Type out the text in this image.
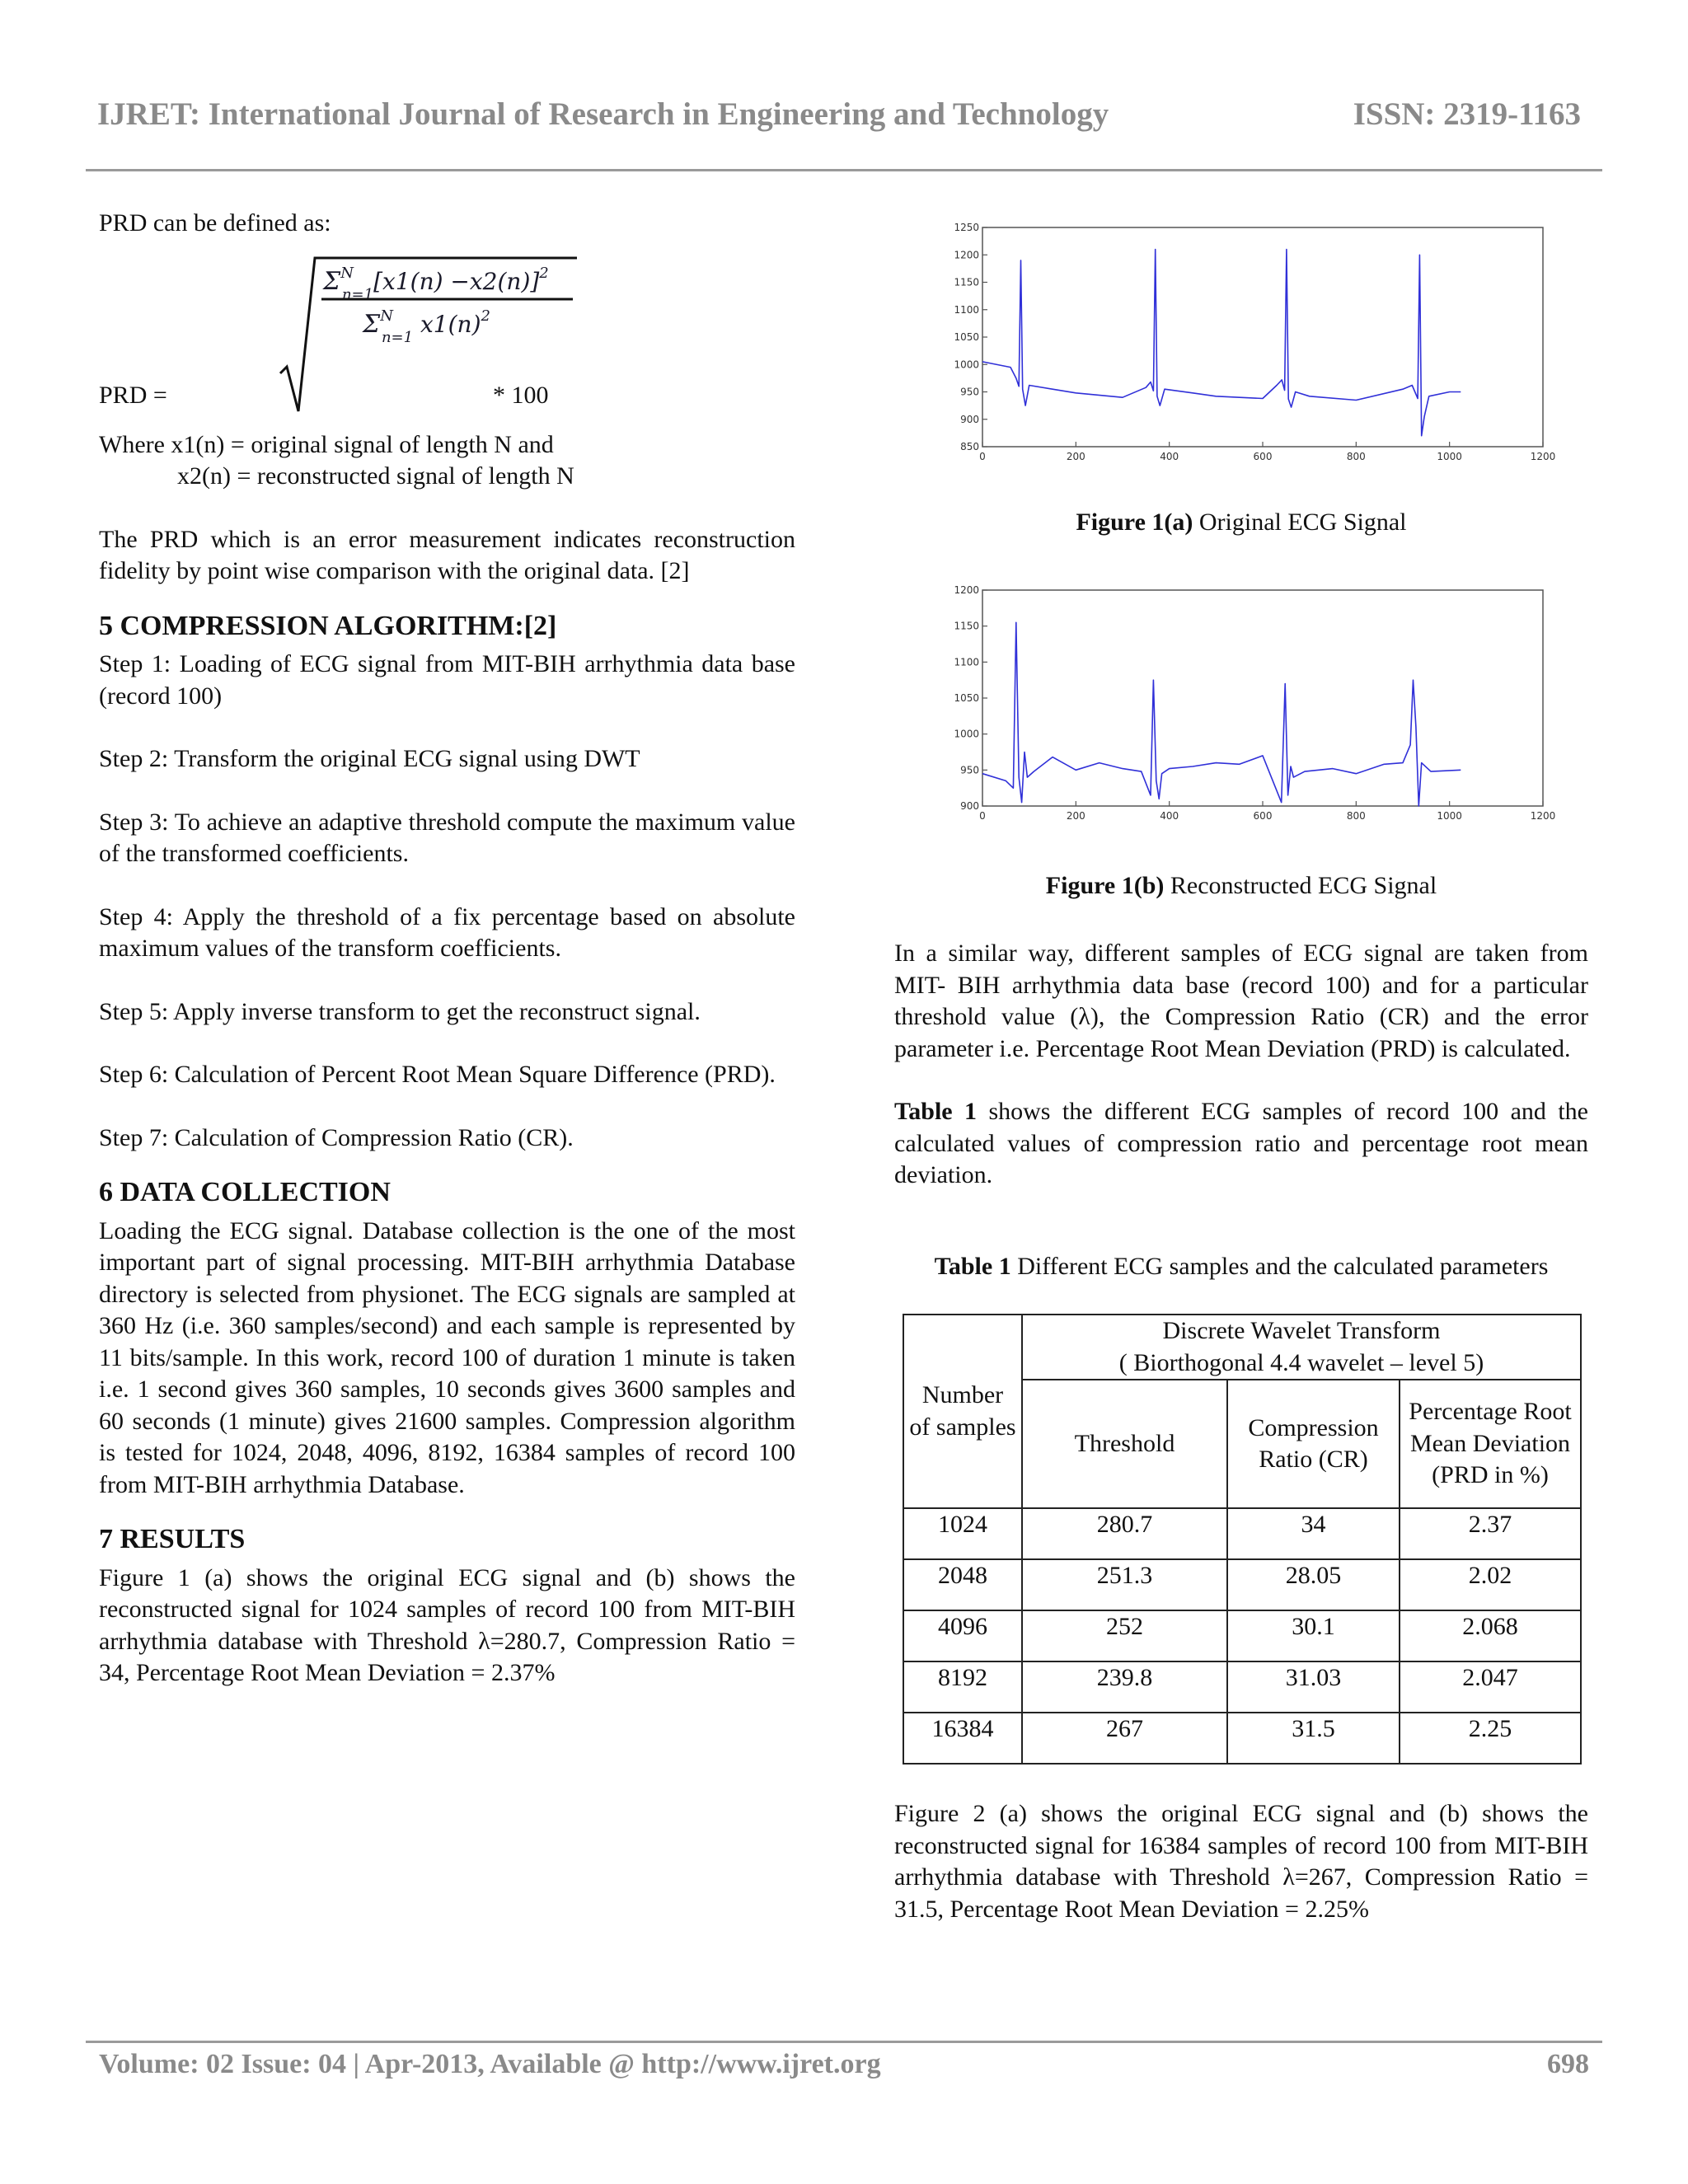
IJRET: International Journal of Research in Engineering and Technology	ISSN: 2319-1163

PRD can be defined as:

PRD =
$\Sigma^N$ $n=1[x1(n) -x2(n)]^2$
$\Sigma^N$ n=1 $x1(n)^2$
* 100

Where x1(n) = original signal of length N and

x2(n) = reconstructed signal of length N

The PRD which is an error measurement indicates reconstruction fidelity by point wise comparison with the original data. [2]

5 COMPRESSION ALGORITHM:[2]

Step 1: Loading of ECG signal from MIT-BIH arrhythmia data base (record 100)

Step 2: Transform the original ECG signal using DWT

Step 3: To achieve an adaptive threshold compute the maximum value of the transformed coefficients.

Step 4: Apply the threshold of a fix percentage based on absolute maximum values of the transform coefficients.

Step 5: Apply inverse transform to get the reconstruct signal.

Step 6: Calculation of Percent Root Mean Square Difference (PRD).

Step 7: Calculation of Compression Ratio (CR).

6 DATA COLLECTION

Loading the ECG signal. Database collection is the one of the most important part of signal processing. MIT-BIH arrhythmia Database directory is selected from physionet. The ECG signals are sampled at 360 Hz (i.e. 360 samples/second) and each sample is represented by 11 bits/sample. In this work, record 100 of duration 1 minute is taken i.e. 1 second gives 360 samples, 10 seconds gives 3600 samples and 60 seconds (1 minute) gives 21600 samples. Compression algorithm is tested for 1024, 2048, 4096, 8192, 16384 samples of record 100 from MIT-BIH arrhythmia Database.

7 RESULTS

Figure 1 (a) shows the original ECG signal and (b) shows the reconstructed signal for 1024 samples of record 100 from MIT-BIH arrhythmia database with Threshold λ=280.7, Compression Ratio = 34, Percentage Root Mean Deviation = 2.37%

0	200	400	600	800	1000	1200
850
900
950
1000
1050
1100
1150
1200
1250
Figure 1(a) Original ECG Signal
0	200	400	600	800	1000	1200
900
950
1000
1050
1100
1150
1200
Figure 1(b) Reconstructed ECG Signal

In a similar way, different samples of ECG signal are taken from MIT- BIH arrhythmia data base (record 100) and for a particular threshold value (λ), the Compression Ratio (CR) and the error parameter i.e. Percentage Root Mean Deviation (PRD) is calculated.

Table 1 shows the different ECG samples of record 100 and the calculated values of compression ratio and percentage root mean deviation.

Table 1 Different ECG samples and the calculated parameters
Number of samples	Discrete Wavelet Transform
( Biorthogonal 4.4 wavelet – level 5)		

	Threshold	Compression Ratio (CR)	Percentage Root Mean Deviation (PRD in %)
1024	280.7	34	2.37
2048	251.3	28.05	2.02
4096	252	30.1	2.068
8192	239.8	31.03	2.047
16384	267	31.5	2.25

Figure 2 (a) shows the original ECG signal and (b) shows the reconstructed signal for 16384 samples of record 100 from MIT-BIH arrhythmia database with Threshold λ=267, Compression Ratio = 31.5, Percentage Root Mean Deviation = 2.25%

Volume: 02 Issue: 04 | Apr-2013, Available @ http://www.ijret.org	698
